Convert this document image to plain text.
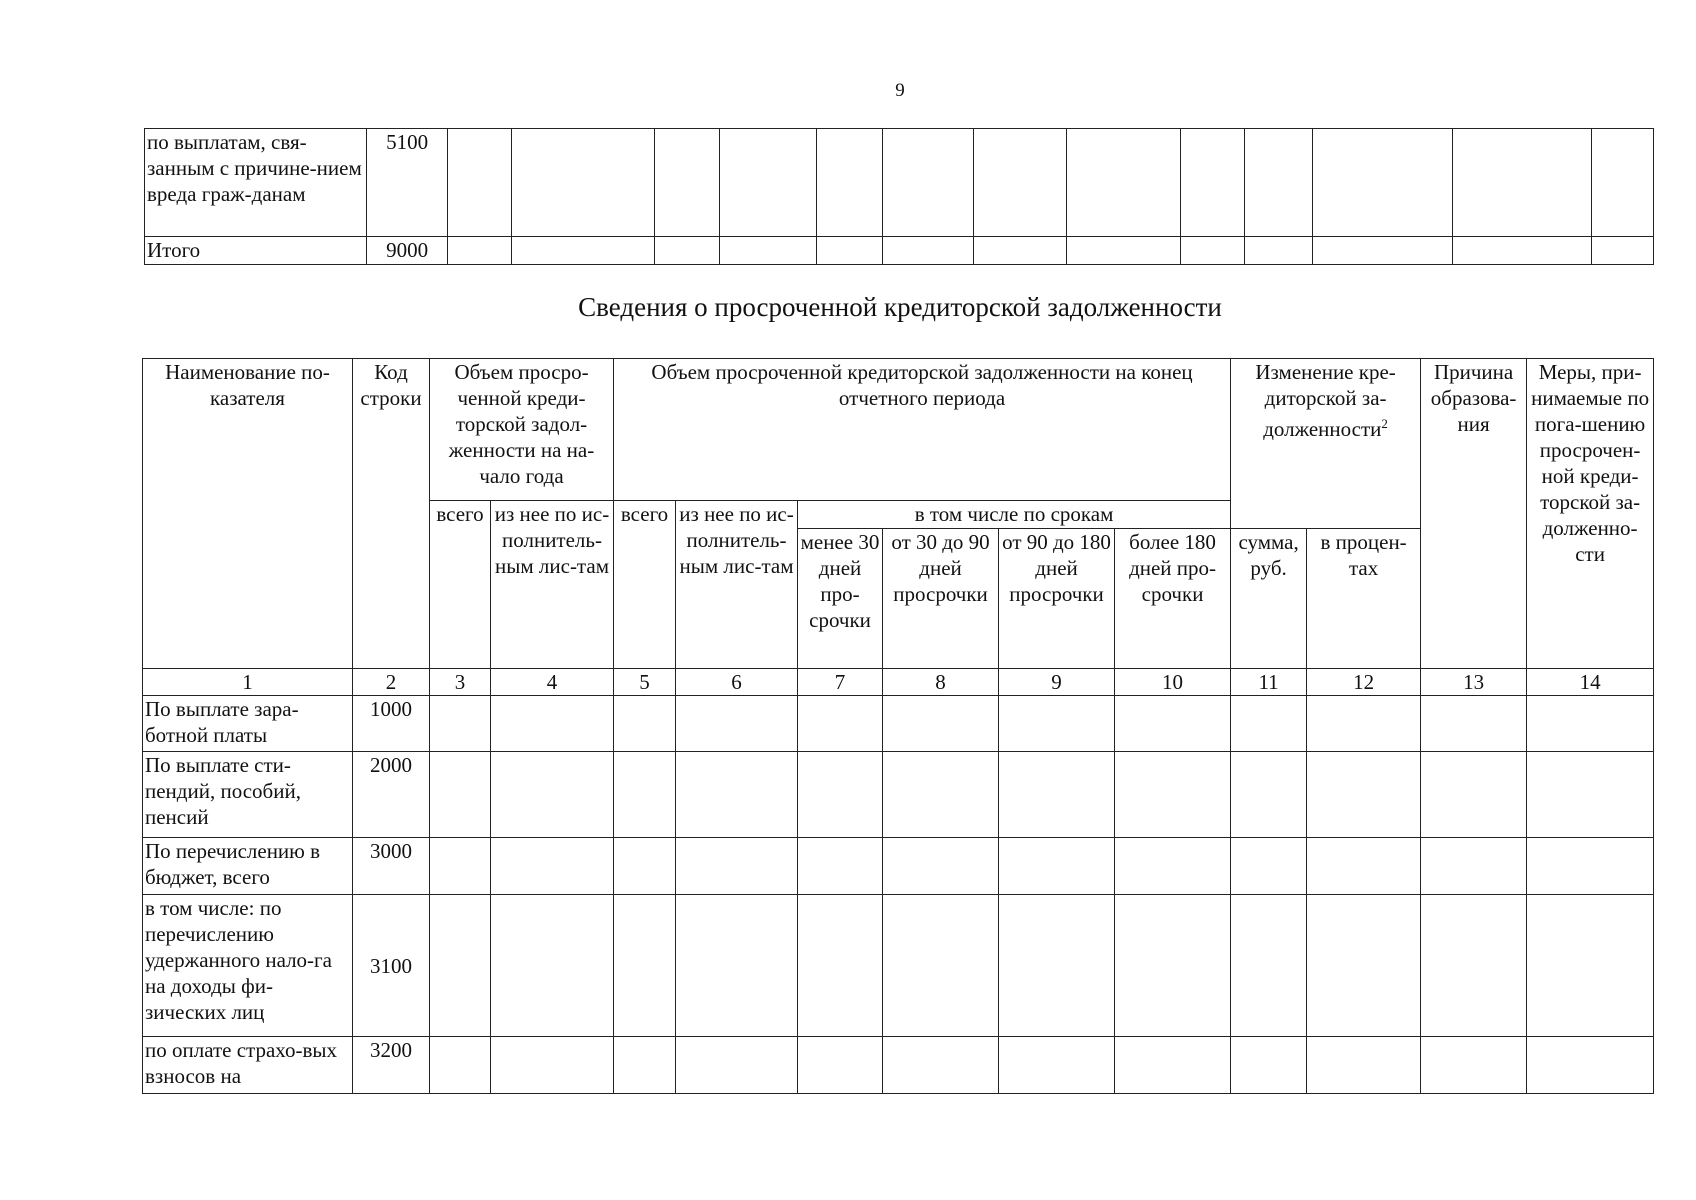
9
по выплатам, свя-занным с причине-нием вреда граж-данам	5100													
Итого	9000													
Сведения о просроченной кредиторской задолженности
Наименование по-казателя	Код строки	Объем просро-ченной креди-торской задол-женности на на-чало года		Объем просроченной кредиторской задолженности на конец отчетного периода						Изменение кре-диторской за-долженности$^2$		Причина образова-ния	Меры, при-нимаемые по пога-шению просрочен-ной креди-торской за-долженно-сти
		всего	из нее по ис-полнитель-ным лис-там	всего	из нее по ис-полнитель-ным лис-там	в том числе по срокам							
						менее 30 дней про-срочки	от 30 до 90 дней просрочки	от 90 до 180 дней просрочки	более 180 дней про-срочки	сумма, руб.	в процен-тах		
1	2	3	4	5	6	7	8	9	10	11	12	13	14
По выплате зара-ботной платы	1000												
По выплате сти-пендий, пособий, пенсий	2000												
По перечислению в бюджет, всего	3000												
в том числе: по перечислению удержанного нало-га на доходы фи-зических лиц	3100												
по оплате страхо-вых взносов на	3200												
